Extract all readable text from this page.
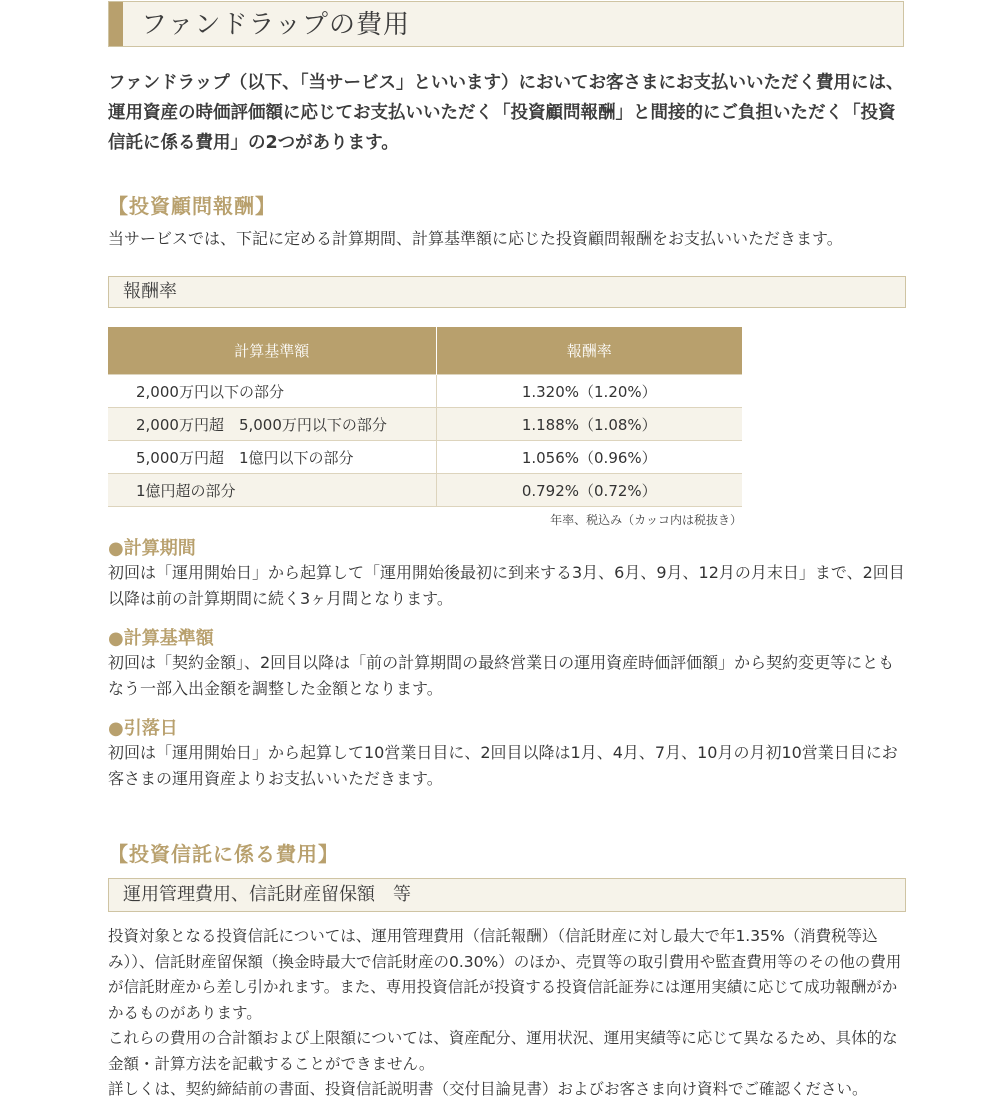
ファンドラップの費用
ファンドラップ（以下、「当サービス」といいます）においてお客さまにお支払いいただく費用には、運用資産の時価評価額に応じてお支払いいただく「投資顧問報酬」と間接的にご負担いただく「投資信託に係る費用」の2つがあります。
【投資顧問報酬】
当サービスでは、下記に定める計算期間、計算基準額に応じた投資顧問報酬をお支払いいただきます。
報酬率
計算基準額	報酬率
2,000万円以下の部分	1.320%（1.20%）
2,000万円超　5,000万円以下の部分	1.188%（1.08%）
5,000万円超　1億円以下の部分	1.056%（0.96%）
1億円超の部分	0.792%（0.72%）
年率、税込み（カッコ内は税抜き）
●計算期間
初回は「運用開始日」から起算して「運用開始後最初に到来する3月、6月、9月、12月の月末日」まで、2回目以降は前の計算期間に続く3ヶ月間となります。
●計算基準額
初回は「契約金額」、2回目以降は「前の計算期間の最終営業日の運用資産時価評価額」から契約変更等にともなう一部入出金額を調整した金額となります。
●引落日
初回は「運用開始日」から起算して10営業日目に、2回目以降は1月、4月、7月、10月の月初10営業日目にお客さまの運用資産よりお支払いいただきます。
【投資信託に係る費用】
運用管理費用、信託財産留保額　等

投資対象となる投資信託については、運用管理費用（信託報酬）（信託財産に対し最大で年1.35%（消費税等込み））、信託財産留保額（換金時最大で信託財産の0.30%）のほか、売買等の取引費用や監査費用等のその他の費用が信託財産から差し引かれます。また、専用投資信託が投資する投資信託証券には運用実績に応じて成功報酬がかかるものがあります。

これらの費用の合計額および上限額については、資産配分、運用状況、運用実績等に応じて異なるため、具体的な金額・計算方法を記載することができません。

詳しくは、契約締結前の書面、投資信託説明書（交付目論見書）およびお客さま向け資料でご確認ください。
